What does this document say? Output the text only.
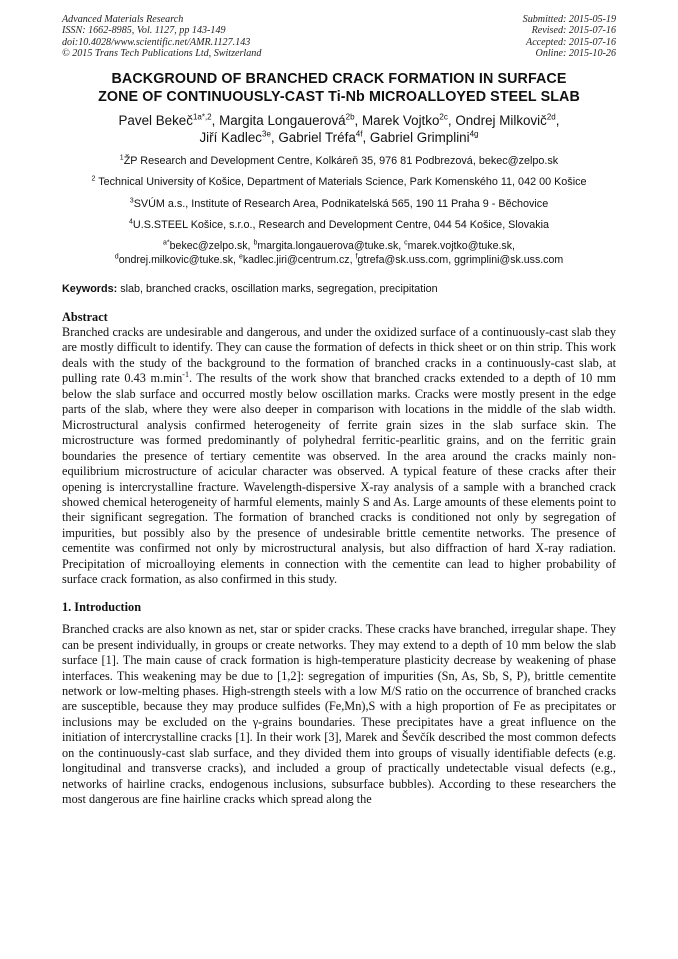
Advanced Materials Research
ISSN: 1662-8985, Vol. 1127, pp 143-149
doi:10.4028/www.scientific.net/AMR.1127.143
© 2015 Trans Tech Publications Ltd, Switzerland
Submitted: 2015-05-19
Revised: 2015-07-16
Accepted: 2015-07-16
Online: 2015-10-26
BACKGROUND OF BRANCHED CRACK FORMATION IN SURFACE
ZONE OF CONTINUOUSLY-CAST Ti-Nb MICROALLOYED STEEL SLAB
Pavel Bekeč$^{1a*,2}$, Margita Longauerová$^{2b}$, Marek Vojtko$^{2c}$, Ondrej Milkovič$^{2d}$,
Jiří Kadlec$^{3e}$, Gabriel Tréfa$^{4f}$, Gabriel Grimplini$^{4g}$
$^1$ŽP Research and Development Centre, Kolkáreň 35, 976 81 Podbrezová, bekec@zelpo.sk
$^2$ Technical University of Košice, Department of Materials Science, Park Komenského 11, 042 00 Košice
$^3$SVÚM a.s., Institute of Research Area, Podnikatelská 565, 190 11 Praha 9 - Běchovice
$^4$U.S.STEEL Košice, s.r.o., Research and Development Centre, 044 54 Košice, Slovakia
$^{a*}$bekec@zelpo.sk, $^b$margita.longauerova@tuke.sk, $^c$marek.vojtko@tuke.sk,
$^d$ondrej.milkovic@tuke.sk, $^e$kadlec.jiri@centrum.cz, $^f$gtrefa@sk.uss.com, ggrimplini@sk.uss.com
Keywords: slab, branched cracks, oscillation marks, segregation, precipitation
Abstract
Branched cracks are undesirable and dangerous, and under the oxidized surface of a continuously-cast slab they are mostly difficult to identify. They can cause the formation of defects in thick sheet or on thin strip. This work deals with the study of the background to the formation of branched cracks in a continuously-cast slab, at pulling rate 0.43 $m.\min^{-1}$. The results of the work show that branched cracks extended to a depth of 10 mm below the slab surface and occurred mostly below oscillation marks. Cracks were mostly present in the edge parts of the slab, where they were also deeper in comparison with locations in the middle of the slab width. Microstructural analysis confirmed heterogeneity of ferrite grain sizes in the slab surface skin. The microstructure was formed predominantly of polyhedral ferritic-pearlitic grains, and on the ferritic grain boundaries the presence of tertiary cementite was observed. In the area around the cracks mainly non-equilibrium microstructure of acicular character was observed. A typical feature of these cracks after their opening is intercrystalline fracture. Wavelength-dispersive X-ray analysis of a sample with a branched crack showed chemical heterogeneity of harmful elements, mainly S and As. Large amounts of these elements point to their significant segregation. The formation of branched cracks is conditioned not only by segregation of impurities, but possibly also by the presence of undesirable brittle cementite networks. The presence of cementite was confirmed not only by microstructural analysis, but also diffraction of hard X-ray radiation. Precipitation of microalloying elements in connection with the cementite can lead to higher probability of surface crack formation, as also confirmed in this study.
1. Introduction
Branched cracks are also known as net, star or spider cracks. These cracks have branched, irregular shape. They can be present individually, in groups or create networks. They may extend to a depth of 10 mm below the slab surface [1]. The main cause of crack formation is high-temperature plasticity decrease by weakening of phase interfaces. This weakening may be due to [1,2]: segregation of impurities (Sn, As, Sb, S, P), brittle cementite network or low-melting phases. High-strength steels with a low M/S ratio on the occurrence of branched cracks are susceptible, because they may produce sulfides (Fe,Mn),S with a high proportion of Fe as precipitates or inclusions may be excluded on the γ-grains boundaries. These precipitates have a great influence on the initiation of intercrystalline cracks [1]. In their work [3], Marek and Ševčík described the most common defects on the continuously-cast slab surface, and they divided them into groups of visually identifiable defects (e.g. longitudinal and transverse cracks), and included a group of practically undetectable visual defects (e.g., networks of hairline cracks, endogenous inclusions, subsurface bubbles). According to these researchers the most dangerous are fine hairline cracks which spread along the
